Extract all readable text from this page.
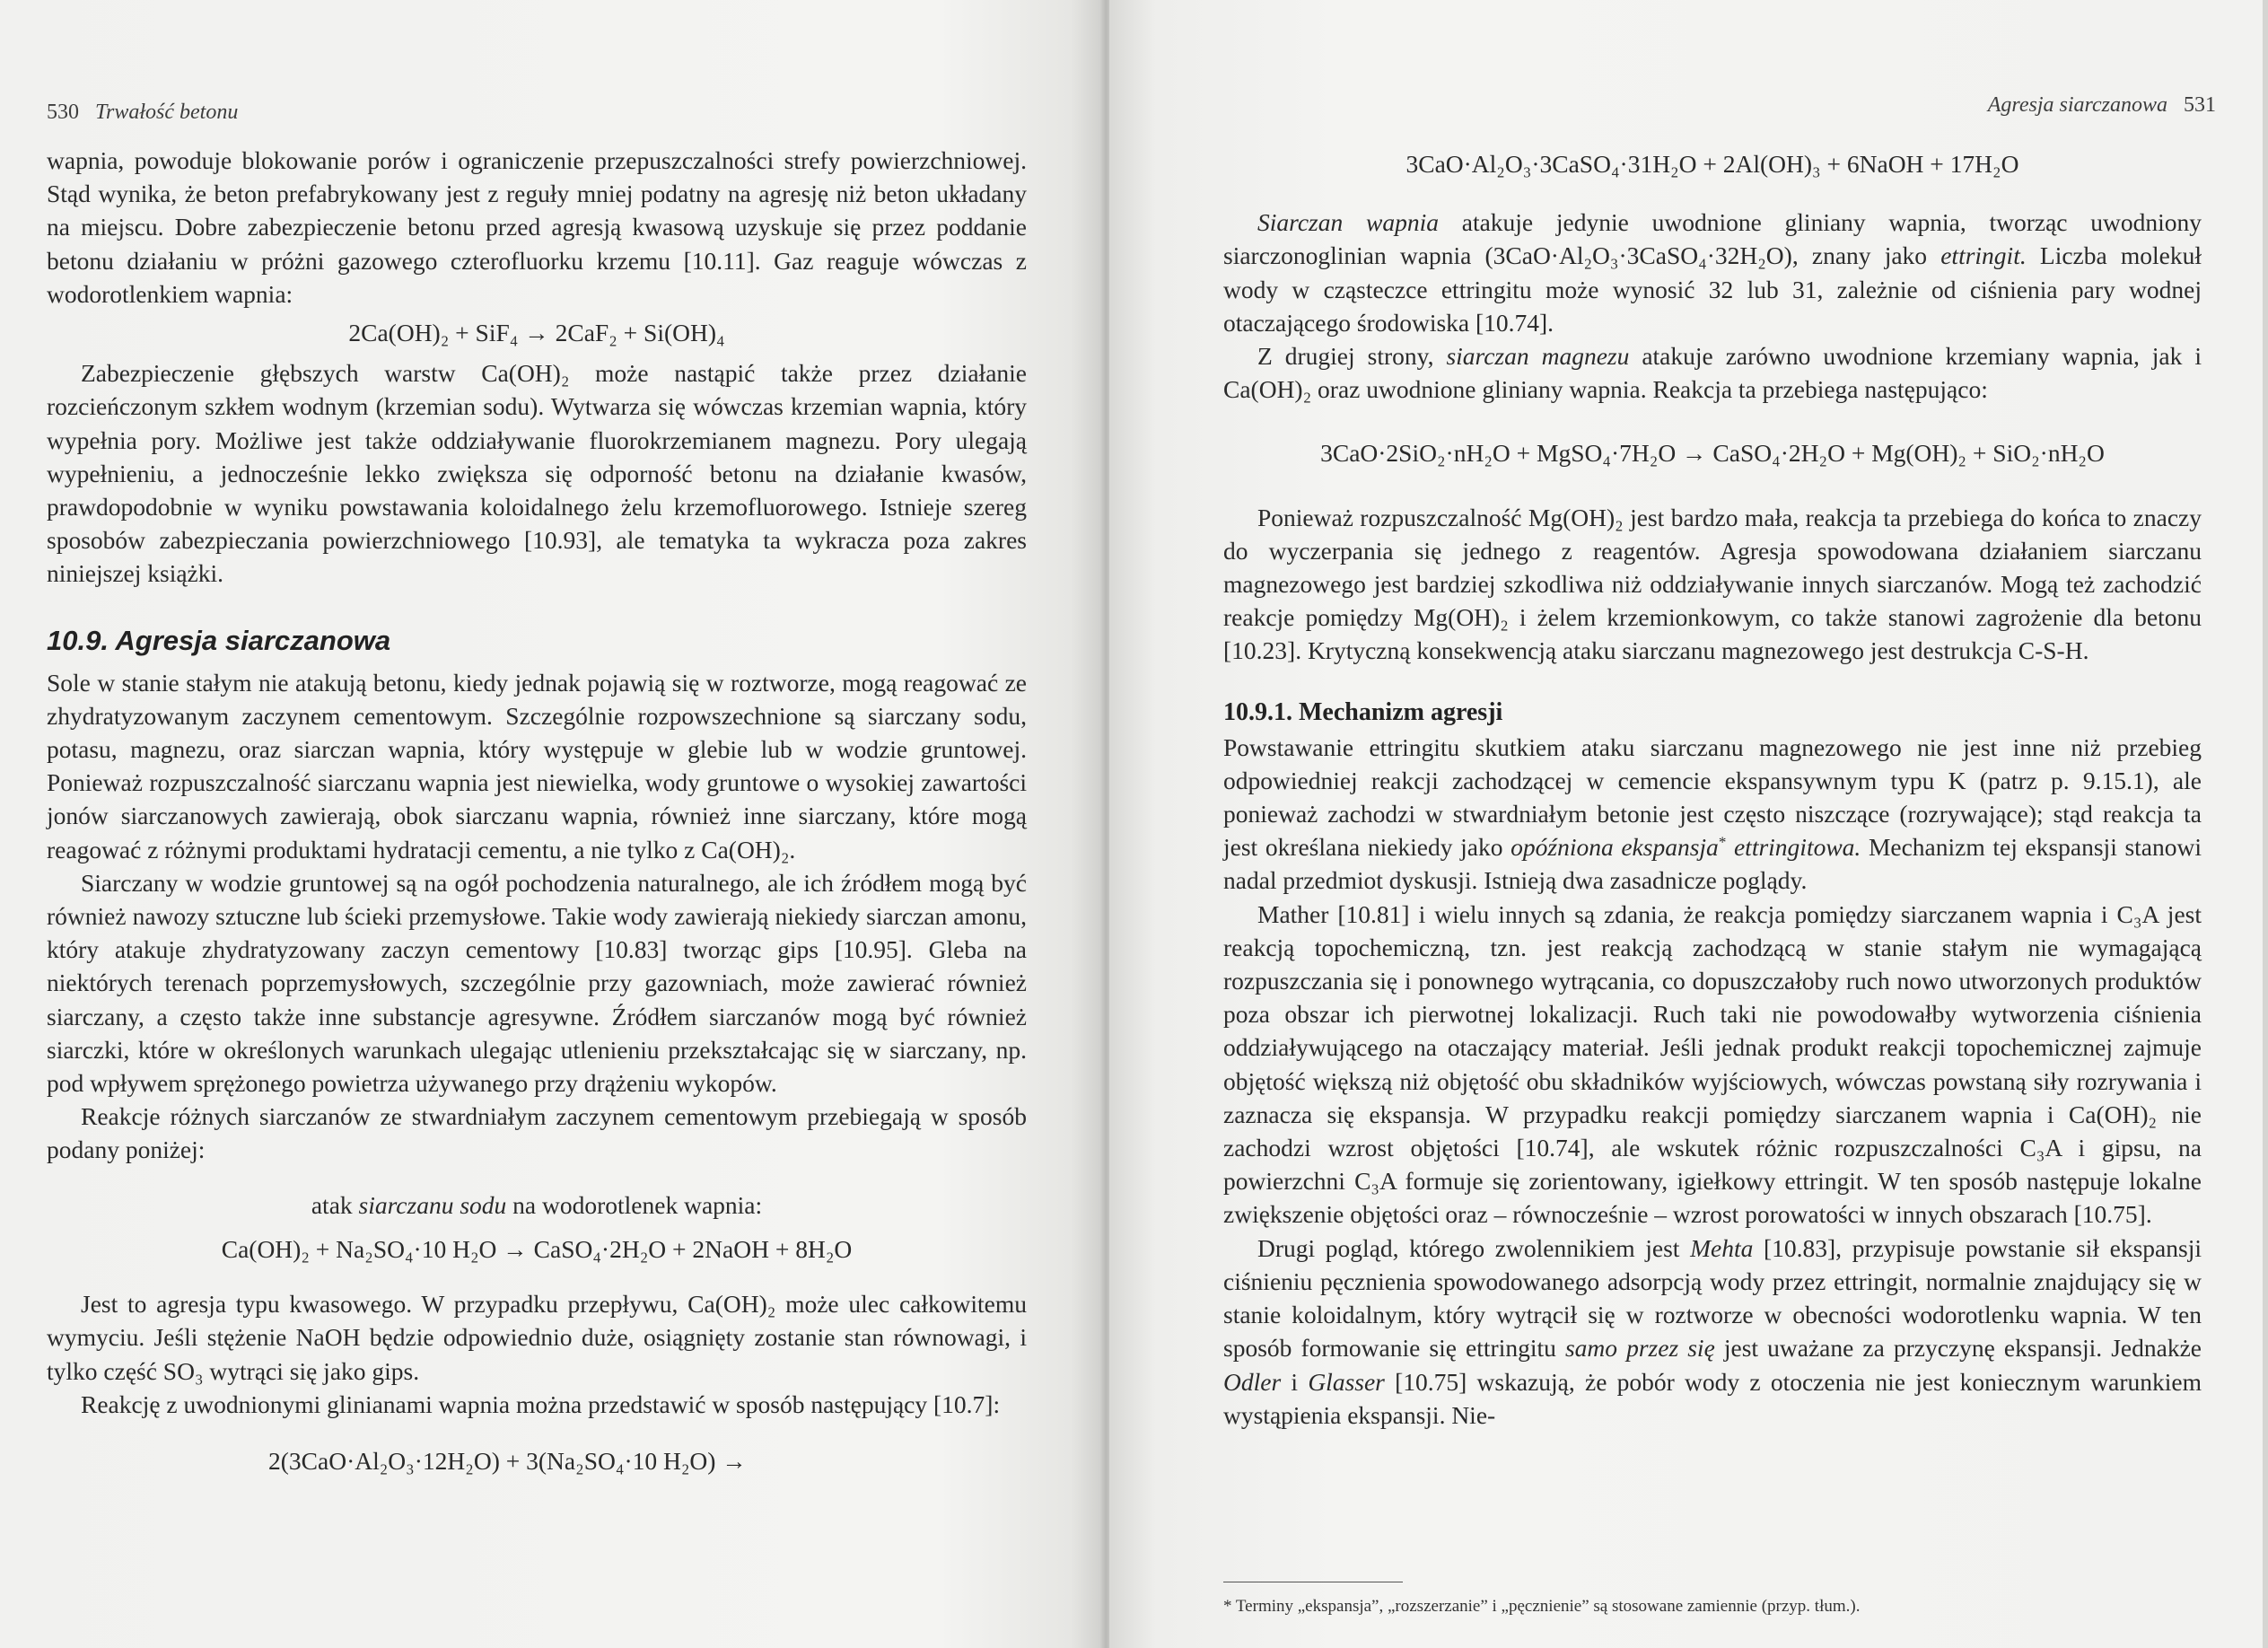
530 Trwałość betonu

wapnia, powoduje blokowanie porów i ograniczenie przepuszczalności strefy powierzchniowej. Stąd wynika, że beton prefabrykowany jest z reguły mniej podatny na agresję niż beton układany na miejscu. Dobre zabezpieczenie betonu przed agresją kwasową uzyskuje się przez poddanie betonu działaniu w próżni gazowego czterofluorku krzemu [10.11]. Gaz reaguje wówczas z wodorotlenkiem wapnia:

2Ca(OH)₂ + SiF₄ → 2CaF₂ + Si(OH)₄

Zabezpieczenie głębszych warstw Ca(OH)₂ może nastąpić także przez działanie rozcieńczonym szkłem wodnym (krzemian sodu). Wytwarza się wówczas krzemian wapnia, który wypełnia pory. Możliwe jest także oddziaływanie fluorokrzemianem magnezu. Pory ulegają wypełnieniu, a jednocześnie lekko zwiększa się odporność betonu na działanie kwasów, prawdopodobnie w wyniku powstawania koloidalnego żelu krzemofluorowego. Istnieje szereg sposobów zabezpieczania powierzchniowego [10.93], ale tematyka ta wykracza poza zakres niniejszej książki.

10.9. Agresja siarczanowa

Sole w stanie stałym nie atakują betonu, kiedy jednak pojawią się w roztworze, mogą reagować ze zhydratyzowanym zaczynem cementowym. Szczególnie rozpowszechnione są siarczany sodu, potasu, magnezu, oraz siarczan wapnia, który występuje w glebie lub w wodzie gruntowej. Ponieważ rozpuszczalność siarczanu wapnia jest niewielka, wody gruntowe o wysokiej zawartości jonów siarczanowych zawierają, obok siarczanu wapnia, również inne siarczany, które mogą reagować z różnymi produktami hydratacji cementu, a nie tylko z Ca(OH)₂.

Siarczany w wodzie gruntowej są na ogół pochodzenia naturalnego, ale ich źródłem mogą być również nawozy sztuczne lub ścieki przemysłowe. Takie wody zawierają niekiedy siarczan amonu, który atakuje zhydratyzowany zaczyn cementowy [10.83] tworząc gips [10.95]. Gleba na niektórych terenach poprzemysłowych, szczególnie przy gazowniach, może zawierać również siarczany, a często także inne substancje agresywne. Źródłem siarczanów mogą być również siarczki, które w określonych warunkach ulegając utlenieniu przekształcając się w siarczany, np. pod wpływem sprężonego powietrza używanego przy drążeniu wykopów.

Reakcje różnych siarczanów ze stwardniałym zaczynem cementowym przebiegają w sposób podany poniżej:

atak siarczanu sodu na wodorotlenek wapnia:

Ca(OH)₂ + Na₂SO₄·10 H₂O → CaSO₄·2H₂O + 2NaOH + 8H₂O

Jest to agresja typu kwasowego. W przypadku przepływu, Ca(OH)₂ może ulec całkowitemu wymyciu. Jeśli stężenie NaOH będzie odpowiednio duże, osiągnięty zostanie stan równowagi, i tylko część SO₃ wytrąci się jako gips.

Reakcję z uwodnionymi glinianami wapnia można przedstawić w sposób następujący [10.7]:

2(3CaO·Al₂O₃·12H₂O) + 3(Na₂SO₄·10 H₂O) →

Agresja siarczanowa 531

3CaO·Al₂O₃·3CaSO₄·31H₂O + 2Al(OH)₃ + 6NaOH + 17H₂O

Siarczan wapnia atakuje jedynie uwodnione gliniany wapnia, tworząc uwodniony siarczonoglinian wapnia (3CaO·Al₂O₃·3CaSO₄·32H₂O), znany jako ettringit. Liczba molekuł wody w cząsteczce ettringitu może wynosić 32 lub 31, zależnie od ciśnienia pary wodnej otaczającego środowiska [10.74].

Z drugiej strony, siarczan magnezu atakuje zarówno uwodnione krzemiany wapnia, jak i Ca(OH)₂ oraz uwodnione gliniany wapnia. Reakcja ta przebiega następująco:

3CaO·2SiO₂·nH₂O + MgSO₄·7H₂O → CaSO₄·2H₂O + Mg(OH)₂ + SiO₂·nH₂O

Ponieważ rozpuszczalność Mg(OH)₂ jest bardzo mała, reakcja ta przebiega do końca to znaczy do wyczerpania się jednego z reagentów. Agresja spowodowana działaniem siarczanu magnezowego jest bardziej szkodliwa niż oddziaływanie innych siarczanów. Mogą też zachodzić reakcje pomiędzy Mg(OH)₂ i żelem krzemionkowym, co także stanowi zagrożenie dla betonu [10.23]. Krytyczną konsekwencją ataku siarczanu magnezowego jest destrukcja C-S-H.

10.9.1. Mechanizm agresji

Powstawanie ettringitu skutkiem ataku siarczanu magnezowego nie jest inne niż przebieg odpowiedniej reakcji zachodzącej w cemencie ekspansywnym typu K (patrz p. 9.15.1), ale ponieważ zachodzi w stwardniałym betonie jest często niszczące (rozrywające); stąd reakcja ta jest określana niekiedy jako opóźniona ekspansja* ettringitowa. Mechanizm tej ekspansji stanowi nadal przedmiot dyskusji. Istnieją dwa zasadnicze poglądy.

Mather [10.81] i wielu innych są zdania, że reakcja pomiędzy siarczanem wapnia i C₃A jest reakcją topochemiczną, tzn. jest reakcją zachodzącą w stanie stałym nie wymagającą rozpuszczania się i ponownego wytrącania, co dopuszczałoby ruch nowo utworzonych produktów poza obszar ich pierwotnej lokalizacji. Ruch taki nie powodowałby wytworzenia ciśnienia oddziaływującego na otaczający materiał. Jeśli jednak produkt reakcji topochemicznej zajmuje objętość większą niż objętość obu składników wyjściowych, wówczas powstaną siły rozrywania i zaznacza się ekspansja. W przypadku reakcji pomiędzy siarczanem wapnia i Ca(OH)₂ nie zachodzi wzrost objętości [10.74], ale wskutek różnic rozpuszczalności C₃A i gipsu, na powierzchni C₃A formuje się zorientowany, igiełkowy ettringit. W ten sposób następuje lokalne zwiększenie objętości oraz – równocześnie – wzrost porowatości w innych obszarach [10.75].

Drugi pogląd, którego zwolennikiem jest Mehta [10.83], przypisuje powstanie sił ekspansji ciśnieniu pęcznienia spowodowanego adsorpcją wody przez ettringit, normalnie znajdujący się w stanie koloidalnym, który wytrącił się w roztworze w obecności wodorotlenku wapnia. W ten sposób formowanie się ettringitu samo przez się jest uważane za przyczynę ekspansji. Jednakże Odler i Glasser [10.75] wskazują, że pobór wody z otoczenia nie jest koniecznym warunkiem wystąpienia ekspansji. Nie-

* Terminy „ekspansja”, „rozszerzanie” i „pęcznienie” są stosowane zamiennie (przyp. tłum.).
